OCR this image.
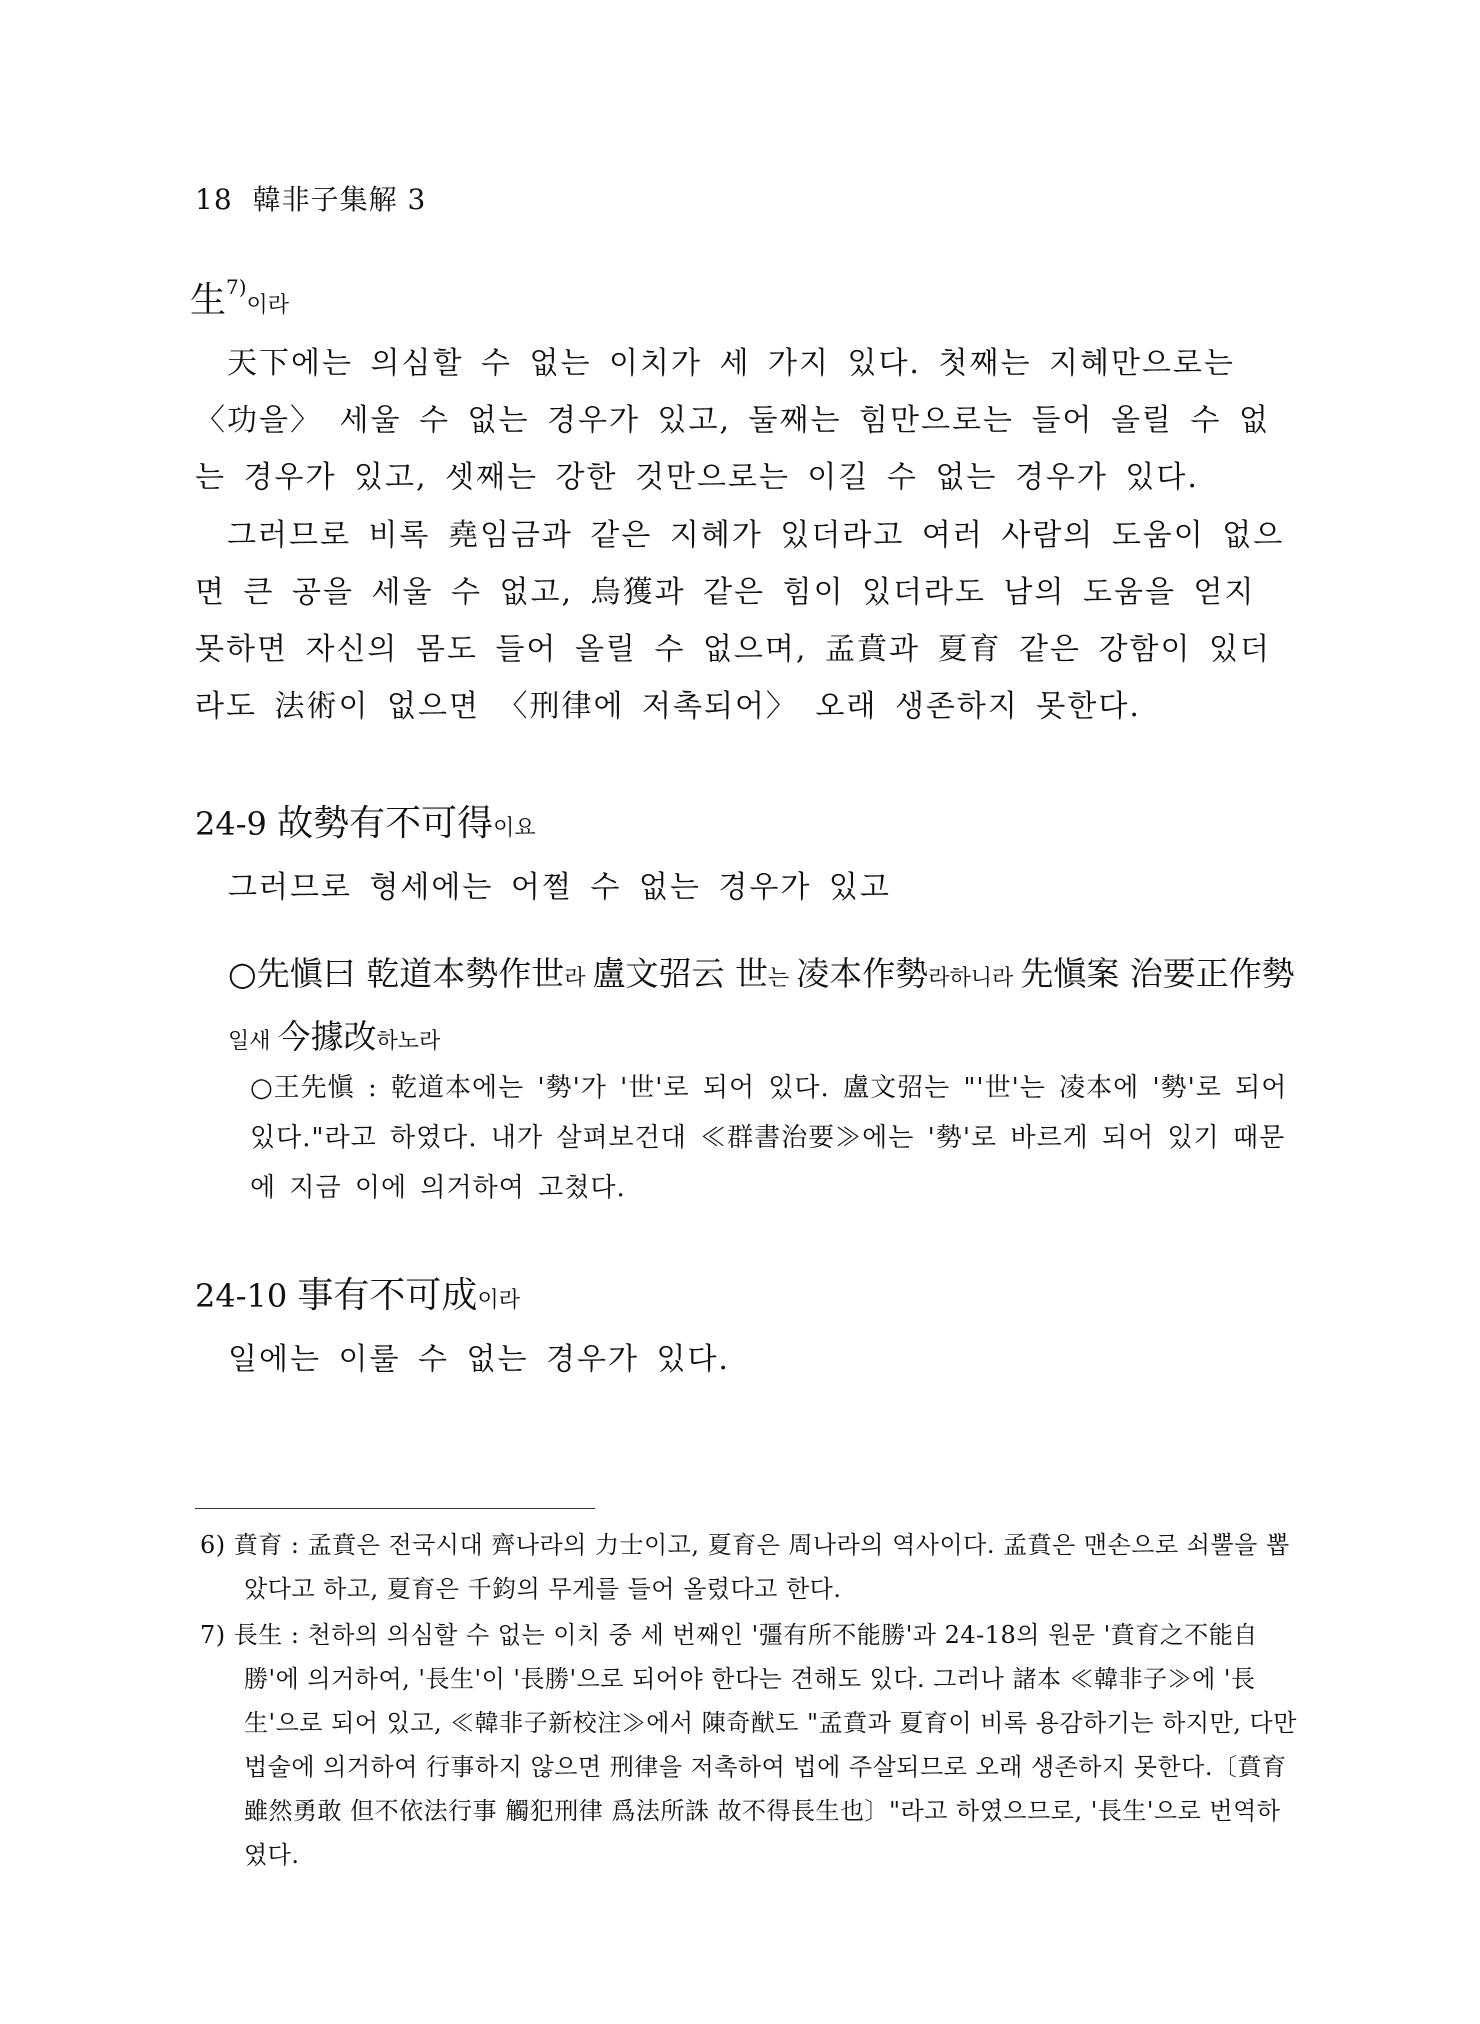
18 韓非子集解 3
生$^{7)}$이라
天下에는 의심할 수 없는 이치가 세 가지 있다. 첫째는 지혜만으로는 〈功을〉 세울 수 없는 경우가 있고, 둘째는 힘만으로는 들어 올릴 수 없는 경우가 있고, 셋째는 강한 것만으로는 이길 수 없는 경우가 있다.
그러므로 비록 堯임금과 같은 지혜가 있더라고 여러 사람의 도움이 없으면 큰 공을 세울 수 없고, 烏獲과 같은 힘이 있더라도 남의 도움을 얻지 못하면 자신의 몸도 들어 올릴 수 없으며, 孟賁과 夏育 같은 강함이 있더라도 法術이 없으면 〈刑律에 저촉되어〉 오래 생존하지 못한다.
24-9 故勢有不可得이요
그러므로 형세에는 어쩔 수 없는 경우가 있고
○先愼曰 乾道本勢作世라 盧文弨云 世는 凌本作勢라하니라 先愼案 治要正作勢일새 今據改하노라
○王先愼 : 乾道本에는 '勢'가 '世'로 되어 있다. 盧文弨는 "'世'는 凌本에 '勢'로 되어 있다."라고 하였다. 내가 살펴보건대 ≪群書治要≫에는 '勢'로 바르게 되어 있기 때문에 지금 이에 의거하여 고쳤다.
24-10 事有不可成이라
일에는 이룰 수 없는 경우가 있다.
6) 賁育 : 孟賁은 전국시대 齊나라의 力士이고, 夏育은 周나라의 역사이다. 孟賁은 맨손으로 쇠뿔을 뽑았다고 하고, 夏育은 千鈞의 무게를 들어 올렸다고 한다.
7) 長生 : 천하의 의심할 수 없는 이치 중 세 번째인 '彊有所不能勝'과 24-18의 원문 '賁育之不能自勝'에 의거하여, '長生'이 '長勝'으로 되어야 한다는 견해도 있다. 그러나 諸本 ≪韓非子≫에 '長生'으로 되어 있고, ≪韓非子新校注≫에서 陳奇猷도 "孟賁과 夏育이 비록 용감하기는 하지만, 다만 법술에 의거하여 行事하지 않으면 刑律을 저촉하여 법에 주살되므로 오래 생존하지 못한다.〔賁育雖然勇敢 但不依法行事 觸犯刑律 爲法所誅 故不得長生也〕"라고 하였으므로, '長生'으로 번역하였다.
